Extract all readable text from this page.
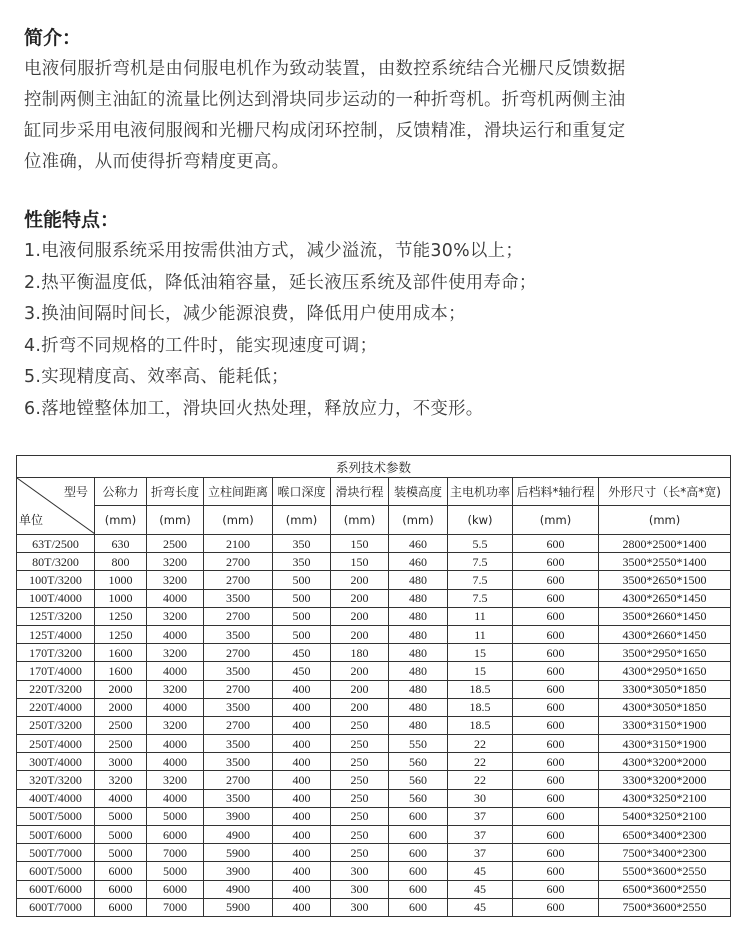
简介：

电液伺服折弯机是由伺服电机作为致动装置，由数控系统结合光栅尺反馈数据
控制两侧主油缸的流量比例达到滑块同步运动的一种折弯机。折弯机两侧主油
缸同步采用电液伺服阀和光栅尺构成闭环控制，反馈精准，滑块运行和重复定
位准确，从而使得折弯精度更高。

性能特点：
1.电液伺服系统采用按需供油方式，减少溢流，节能30%以上；
2.热平衡温度低，降低油箱容量，延长液压系统及部件使用寿命；
3.换油间隔时间长，减少能源浪费，降低用户使用成本；
4.折弯不同规格的工件时，能实现速度可调；
5.实现精度高、效率高、能耗低；
6.落地镗整体加工，滑块回火热处理，释放应力，不变形。
系列技术参数									

型号
单位	公称力	折弯长度	立柱间距离	喉口深度	滑块行程	装模高度	主电机功率	后档料*轴行程	外形尺寸（长*高*宽)
	(mm)	(mm)	(mm)	(mm)	(mm)	(mm)	(kw)	(mm)	(mm)
63T/2500	630	2500	2100	350	150	460	5.5	600	2800*2500*1400
80T/3200	800	3200	2700	350	150	460	7.5	600	3500*2550*1400
100T/3200	1000	3200	2700	500	200	480	7.5	600	3500*2650*1500
100T/4000	1000	4000	3500	500	200	480	7.5	600	4300*2650*1450
125T/3200	1250	3200	2700	500	200	480	11	600	3500*2660*1450
125T/4000	1250	4000	3500	500	200	480	11	600	4300*2660*1450
170T/3200	1600	3200	2700	450	180	480	15	600	3500*2950*1650
170T/4000	1600	4000	3500	450	200	480	15	600	4300*2950*1650
220T/3200	2000	3200	2700	400	200	480	18.5	600	3300*3050*1850
220T/4000	2000	4000	3500	400	200	480	18.5	600	4300*3050*1850
250T/3200	2500	3200	2700	400	250	480	18.5	600	3300*3150*1900
250T/4000	2500	4000	3500	400	250	550	22	600	4300*3150*1900
300T/4000	3000	4000	3500	400	250	560	22	600	4300*3200*2000
320T/3200	3200	3200	2700	400	250	560	22	600	3300*3200*2000
400T/4000	4000	4000	3500	400	250	560	30	600	4300*3250*2100
500T/5000	5000	5000	3900	400	250	600	37	600	5400*3250*2100
500T/6000	5000	6000	4900	400	250	600	37	600	6500*3400*2300
500T/7000	5000	7000	5900	400	250	600	37	600	7500*3400*2300
600T/5000	6000	5000	3900	400	300	600	45	600	5500*3600*2550
600T/6000	6000	6000	4900	400	300	600	45	600	6500*3600*2550
600T/7000	6000	7000	5900	400	300	600	45	600	7500*3600*2550
